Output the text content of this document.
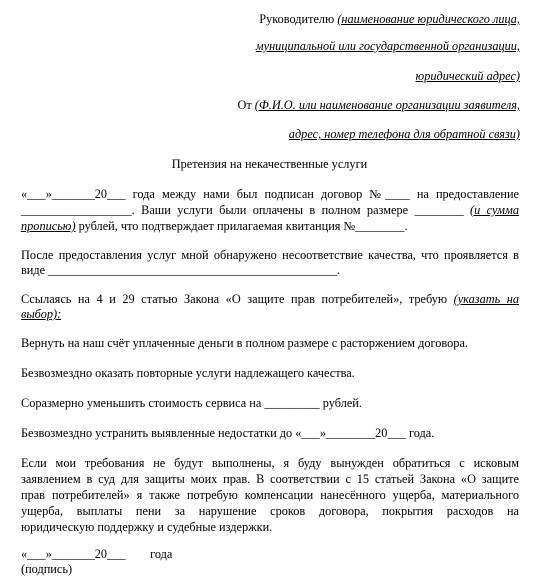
Руководителю (наименование юридического лица,

муниципальной или государственной организации,

юридический адрес)

От (Ф.И.О. или наименование организации заявителя,

адрес, номер телефона для обратной связи)

Претензия на некачественные услуги

«___»_______20___ года между нами был подписан договор №____ на предоставление

__________________. Ваши услуги были оплачены в полном размере ________ (и сумма

прописью) рублей, что подтверждает прилагаемая квитанция №________.

После предоставления услуг мной обнаружено несоответствие качества, что проявляется в

виде _______________________________________________.

Ссылаясь на 4 и 29 статью Закона «О защите прав потребителей», требую (указать на

выбор):

Вернуть на наш счёт уплаченные деньги в полном размере с расторжением договора.

Безвозмездно оказать повторные услуги надлежащего качества.

Соразмерно уменьшить стоимость сервиса на _________ рублей.

Безвозмездно устранить выявленные недостатки до «___»________20___ года.

Если мои требования не будут выполнены, я буду вынужден обратиться с исковым

заявлением в суд для защиты моих прав. В соответствии с 15 статьей Закона «О защите

прав потребителей» я также потребую компенсации нанесённого ущерба, материального

ущерба, выплаты пени за нарушение сроков договора, покрытия расходов на

юридическую поддержку и судебные издержки.

«___»_______20___        года

(подпись)
